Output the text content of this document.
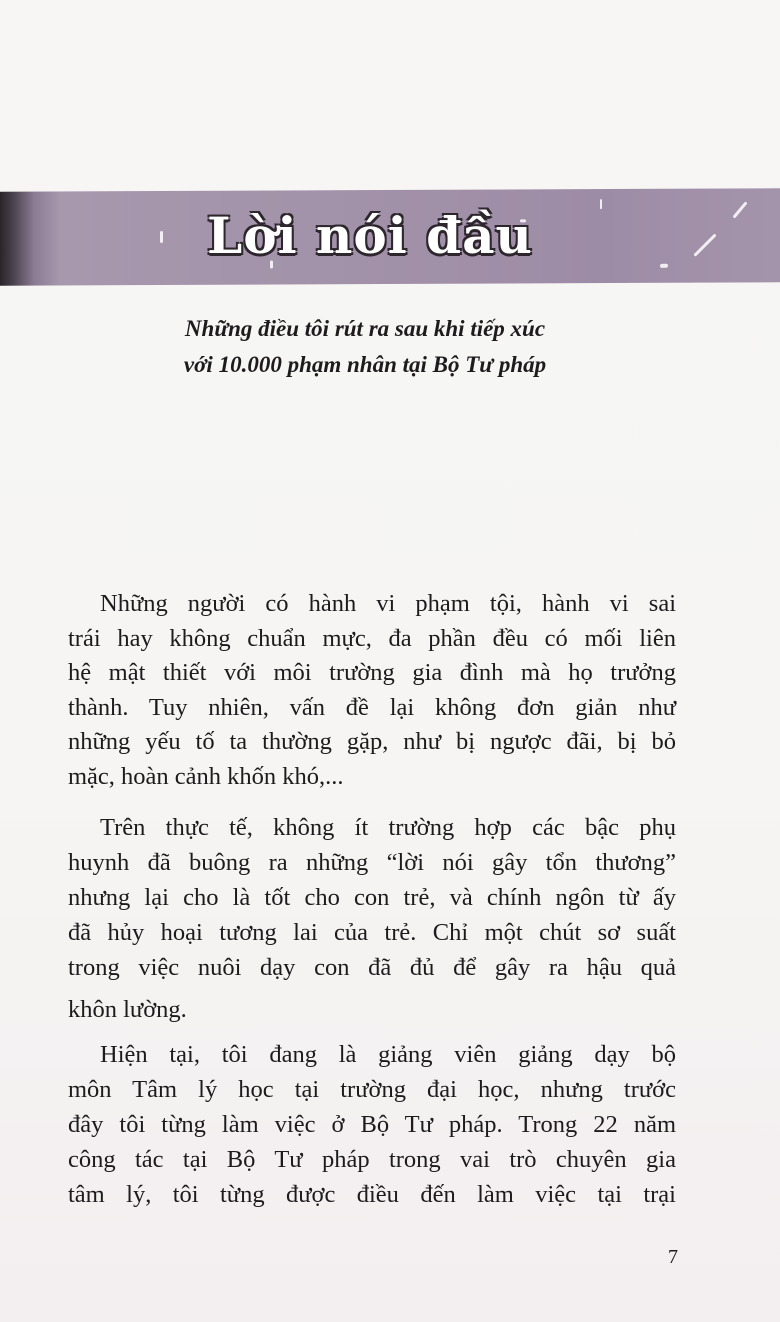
Lời nói đầu
Những điều tôi rút ra sau khi tiếp xúc
với 10.000 phạm nhân tại Bộ Tư pháp
Những người có hành vi phạm tội, hành vi sai
trái hay không chuẩn mực, đa phần đều có mối liên
hệ mật thiết với môi trường gia đình mà họ trưởng
thành. Tuy nhiên, vấn đề lại không đơn giản như
những yếu tố ta thường gặp, như bị ngược đãi, bị bỏ
mặc, hoàn cảnh khốn khó,...
Trên thực tế, không ít trường hợp các bậc phụ
huynh đã buông ra những “lời nói gây tổn thương”
nhưng lại cho là tốt cho con trẻ, và chính ngôn từ ấy
đã hủy hoại tương lai của trẻ. Chỉ một chút sơ suất
trong việc nuôi dạy con đã đủ để gây ra hậu quả
khôn lường.
Hiện tại, tôi đang là giảng viên giảng dạy bộ
môn Tâm lý học tại trường đại học, nhưng trước
đây tôi từng làm việc ở Bộ Tư pháp. Trong 22 năm
công tác tại Bộ Tư pháp trong vai trò chuyên gia
tâm lý, tôi từng được điều đến làm việc tại trại
7
